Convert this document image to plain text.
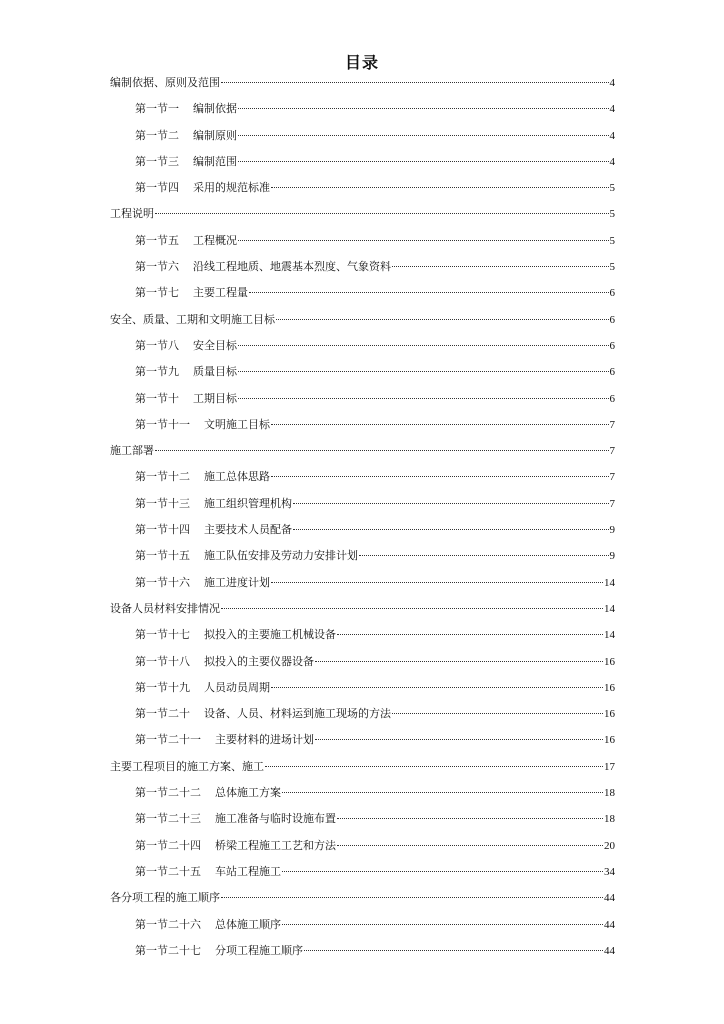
目录
编制依据、原则及范围	4
第一节一 编制依据	4
第一节二 编制原则	4
第一节三 编制范围	4
第一节四 采用的规范标准	5
工程说明	5
第一节五 工程概况	5
第一节六 沿线工程地质、地震基本烈度、气象资料	5
第一节七 主要工程量	6
安全、质量、工期和文明施工目标	6
第一节八 安全目标	6
第一节九 质量目标	6
第一节十 工期目标	6
第一节十一 文明施工目标	7
施工部署	7
第一节十二 施工总体思路	7
第一节十三 施工组织管理机构	7
第一节十四 主要技术人员配备	9
第一节十五 施工队伍安排及劳动力安排计划	9
第一节十六 施工进度计划	14
设备人员材料安排情况	14
第一节十七 拟投入的主要施工机械设备	14
第一节十八 拟投入的主要仪器设备	16
第一节十九 人员动员周期	16
第一节二十 设备、人员、材料运到施工现场的方法	16
第一节二十一 主要材料的进场计划	16
主要工程项目的施工方案、施工	17
第一节二十二 总体施工方案	18
第一节二十三 施工准备与临时设施布置	18
第一节二十四 桥梁工程施工工艺和方法	20
第一节二十五 车站工程施工	34
各分项工程的施工顺序	44
第一节二十六 总体施工顺序	44
第一节二十七 分项工程施工顺序	44
